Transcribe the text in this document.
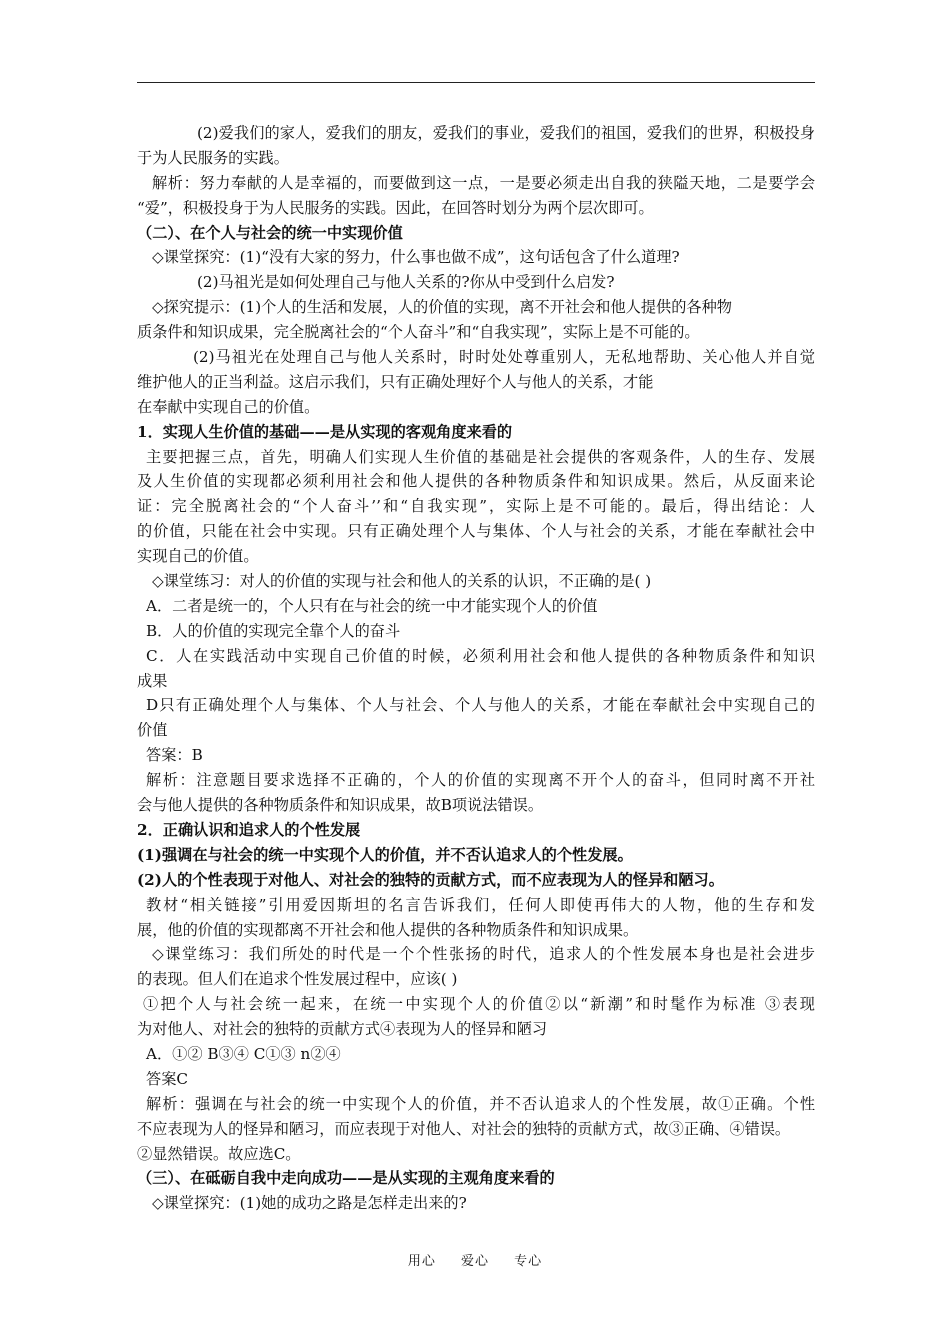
(2)爱我们的家人，爱我们的朋友，爱我们的事业，爱我们的祖国，爱我们的世界，积极投身
于为人民服务的实践。
解析：努力奉献的人是幸福的，而要做到这一点，一是要必须走出自我的狭隘天地，二是要学会
“爱”，积极投身于为人民服务的实践。因此，在回答时划分为两个层次即可。
（二）、在个人与社会的统一中实现价值
◇课堂探究：(1)“没有大家的努力，什么事也做不成”，这句话包含了什么道理?
(2)马祖光是如何处理自己与他人关系的?你从中受到什么启发?
◇探究提示：(1)个人的生活和发展，人的价值的实现，离不开社会和他人提供的各种物
质条件和知识成果，完全脱离社会的“个人奋斗”和“自我实现”，实际上是不可能的。
(2)马祖光在处理自己与他人关系时，时时处处尊重别人，无私地帮助、关心他人并自觉
维护他人的正当利益。这启示我们，只有正确处理好个人与他人的关系，才能
在奉献中实现自己的价值。
1．实现人生价值的基础——是从实现的客观角度来看的
主要把握三点，首先，明确人们实现人生价值的基础是社会提供的客观条件，人的生存、发展
及人生价值的实现都必须利用社会和他人提供的各种物质条件和知识成果。然后，从反面来论
证：完全脱离社会的“个人奋斗’’和“自我实现”，实际上是不可能的。最后，得出结论：人
的价值，只能在社会中实现。只有正确处理个人与集体、个人与社会的关系，才能在奉献社会中
实现自己的价值。
◇课堂练习：对人的价值的实现与社会和他人的关系的认识，不正确的是( )
A．二者是统一的，个人只有在与社会的统一中才能实现个人的价值
B．人的价值的实现完全靠个人的奋斗
C．人在实践活动中实现自己价值的时候，必须利用社会和他人提供的各种物质条件和知识
成果
D只有正确处理个人与集体、个人与社会、个人与他人的关系，才能在奉献社会中实现自己的
价值
答案：B
解析：注意题目要求选择不正确的，个人的价值的实现离不开个人的奋斗，但同时离不开社
会与他人提供的各种物质条件和知识成果，故B项说法错误。
2．正确认识和追求人的个性发展
(1)强调在与社会的统一中实现个人的价值，并不否认追求人的个性发展。
(2)人的个性表现于对他人、对社会的独特的贡献方式，而不应表现为人的怪异和陋习。
教材“相关链接”引用爱因斯坦的名言告诉我们，任何人即使再伟大的人物，他的生存和发
展，他的价值的实现都离不开社会和他人提供的各种物质条件和知识成果。
◇课堂练习：我们所处的时代是一个个性张扬的时代，追求人的个性发展本身也是社会进步
的表现。但人们在追求个性发展过程中，应该( )
①把个人与社会统一起来，在统一中实现个人的价值②以“新潮”和时髦作为标准 ③表现
为对他人、对社会的独特的贡献方式④表现为人的怪异和陋习
A．①② B③④ C①③ n②④
答案C
解析：强调在与社会的统一中实现个人的价值，并不否认追求人的个性发展，故①正确。个性
不应表现为人的怪异和陋习，而应表现于对他人、对社会的独特的贡献方式，故③正确、④错误。
②显然错误。故应选C。
（三）、在砥砺自我中走向成功——是从实现的主观角度来看的
◇课堂探究：(1)她的成功之路是怎样走出来的?
用心 爱心 专心
